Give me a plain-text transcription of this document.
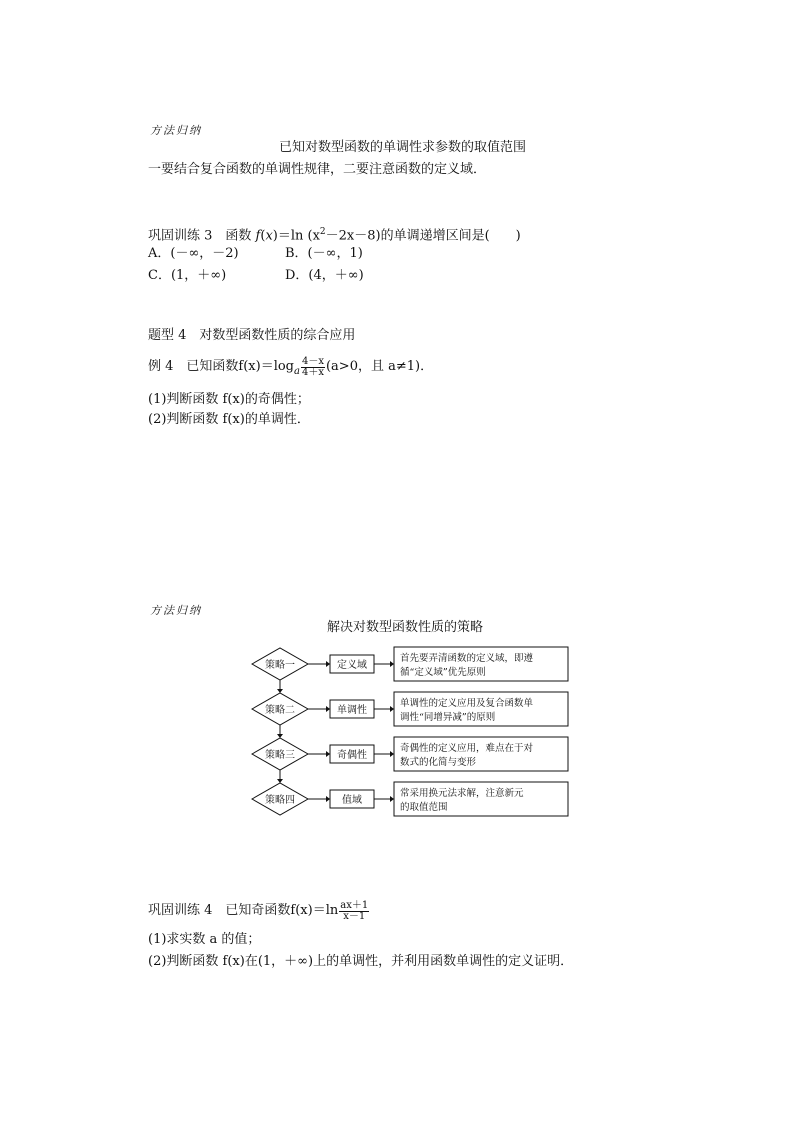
方法归纳
已知对数型函数的单调性求参数的取值范围
一要结合复合函数的单调性规律，二要注意函数的定义域．
巩固训练 3　函数 f(x)＝ln $(x^2-2x-8)$的单调递增区间是(　　)
A．(－∞，－2)	B．(－∞，1)
C．(1，＋∞)	D．(4，＋∞)
题型 4　对数型函数性质的综合应用
例 4　已知函数 f(x)＝log a $\frac{4-x}{4+x} (a>0$，且 a≠1)．
(1)判断函数 f(x)的奇偶性；
(2)判断函数 f(x)的单调性．
方法归纳
解决对数型函数性质的策略
策略一	定义域
首先要弄清函数的定义域，即遵
循“定义域”优先原则
策略二	单调性
单调性的定义应用及复合函数单
调性“同增异减”的原则
策略三	奇偶性
奇偶性的定义应用，难点在于对
数式的化简与变形
策略四	值域
常采用换元法求解，注意新元
的取值范围
巩固训练 4　已知奇函数 $f(x)=\ln \frac{ax+1}{x-1}$
(1)求实数 a 的值；
(2)判断函数 f(x)在(1，＋∞)上的单调性，并利用函数单调性的定义证明．
